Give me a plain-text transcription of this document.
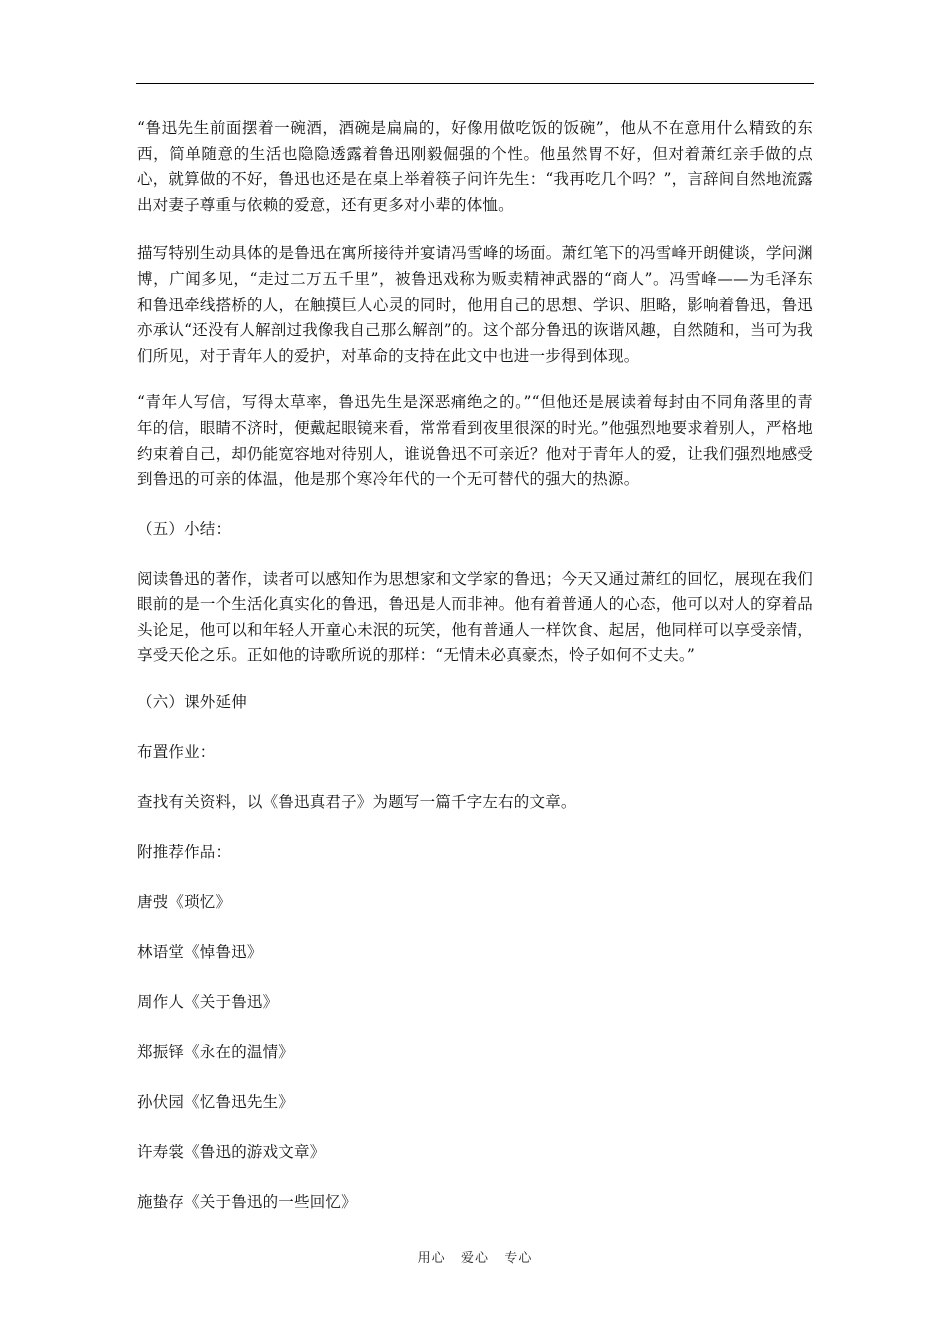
“鲁迅先生前面摆着一碗酒，酒碗是扁扁的，好像用做吃饭的饭碗”，他从不在意用什么精致的东西，简单随意的生活也隐隐透露着鲁迅刚毅倔强的个性。他虽然胃不好，但对着萧红亲手做的点心，就算做的不好，鲁迅也还是在桌上举着筷子问许先生：“我再吃几个吗？”，言辞间自然地流露出对妻子尊重与依赖的爱意，还有更多对小辈的体恤。

描写特别生动具体的是鲁迅在寓所接待并宴请冯雪峰的场面。萧红笔下的冯雪峰开朗健谈，学问渊博，广闻多见，“走过二万五千里”，被鲁迅戏称为贩卖精神武器的“商人”。冯雪峰——为毛泽东和鲁迅牵线搭桥的人，在触摸巨人心灵的同时，他用自己的思想、学识、胆略，影响着鲁迅，鲁迅亦承认“还没有人解剖过我像我自己那么解剖”的。这个部分鲁迅的诙谐风趣，自然随和，当可为我们所见，对于青年人的爱护，对革命的支持在此文中也进一步得到体现。

“青年人写信，写得太草率，鲁迅先生是深恶痛绝之的。”“但他还是展读着每封由不同角落里的青年的信，眼睛不济时，便戴起眼镜来看，常常看到夜里很深的时光。”他强烈地要求着别人，严格地约束着自己，却仍能宽容地对待别人，谁说鲁迅不可亲近？他对于青年人的爱，让我们强烈地感受到鲁迅的可亲的体温，他是那个寒冷年代的一个无可替代的强大的热源。

（五）小结：

阅读鲁迅的著作，读者可以感知作为思想家和文学家的鲁迅；今天又通过萧红的回忆，展现在我们眼前的是一个生活化真实化的鲁迅，鲁迅是人而非神。他有着普通人的心态，他可以对人的穿着品头论足，他可以和年轻人开童心未泯的玩笑，他有普通人一样饮食、起居，他同样可以享受亲情，享受天伦之乐。正如他的诗歌所说的那样：“无情未必真豪杰，怜子如何不丈夫。”

（六）课外延伸

布置作业：

查找有关资料，以《鲁迅真君子》为题写一篇千字左右的文章。

附推荐作品：

唐弢《琐忆》

林语堂《悼鲁迅》

周作人《关于鲁迅》

郑振铎《永在的温情》

孙伏园《忆鲁迅先生》

许寿裳《鲁迅的游戏文章》

施蛰存《关于鲁迅的一些回忆》

用心   爱心   专心
